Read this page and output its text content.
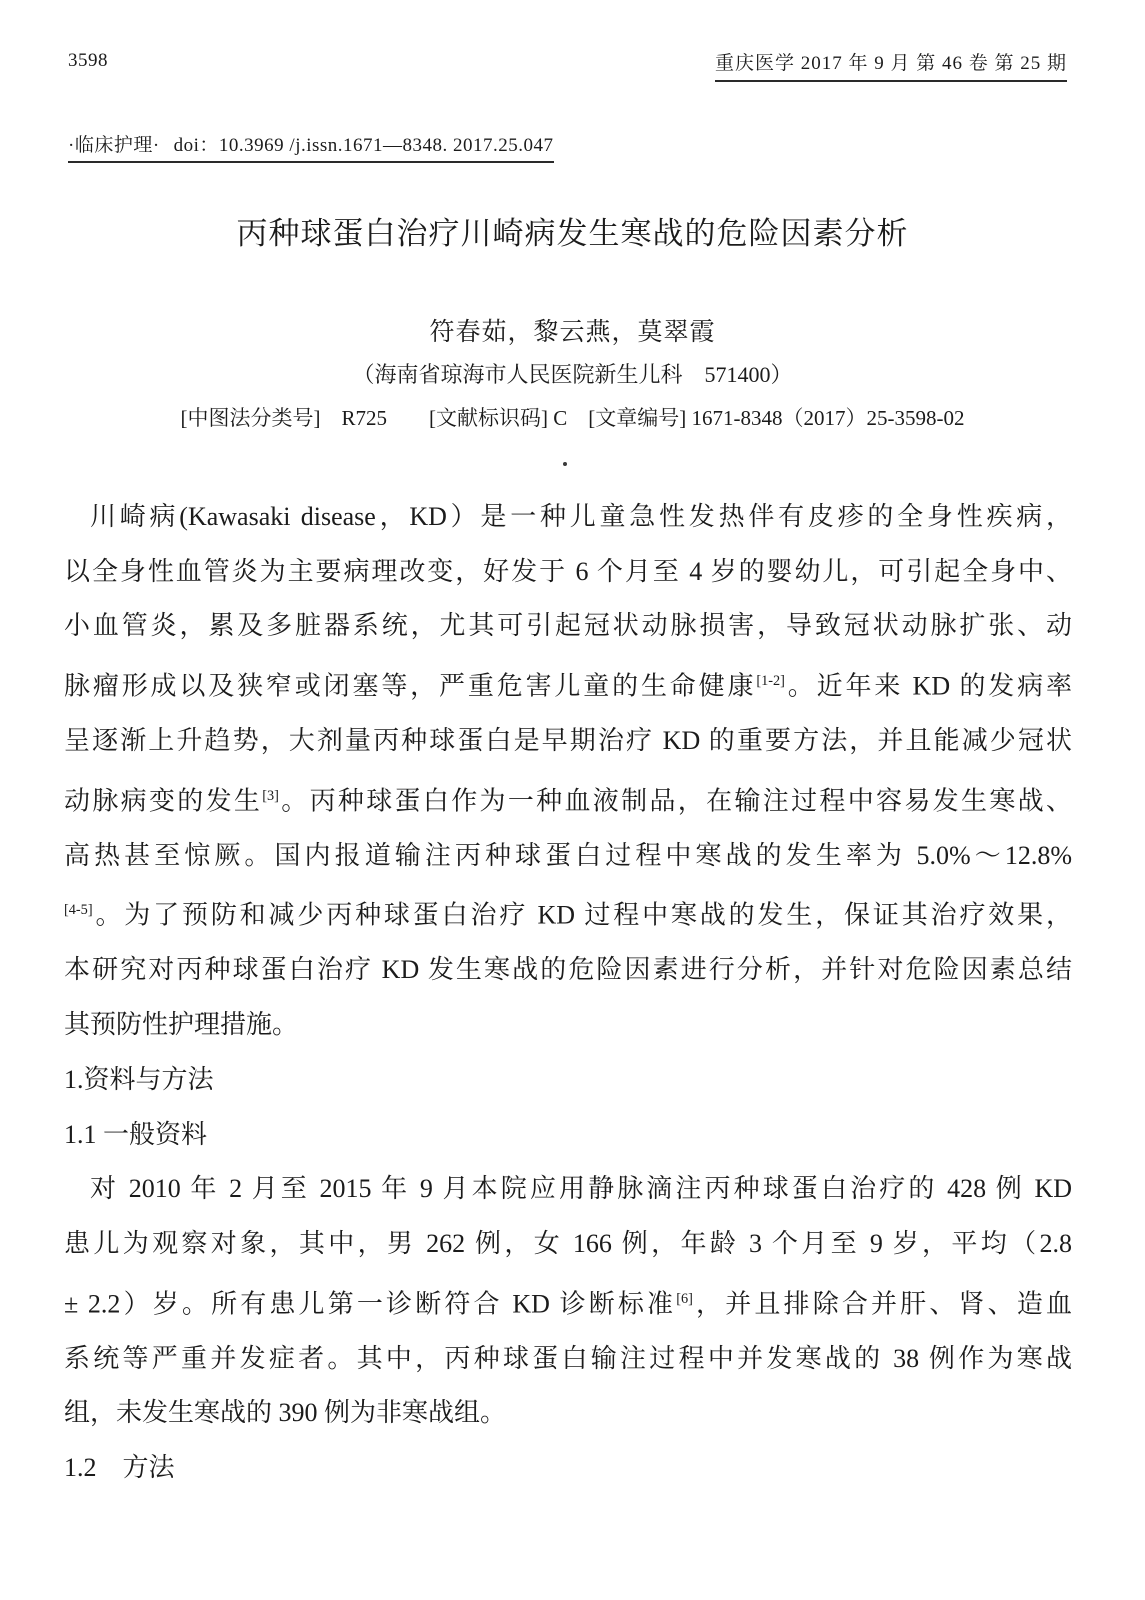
3598	重庆医学 2017 年 9 月 第 46 卷 第 25 期
·临床护理· doi：10.3969 /j.issn.1671—8348. 2017.25.047
丙种球蛋白治疗川崎病发生寒战的危险因素分析
符春茹，黎云燕，莫翠霞
（海南省琼海市人民医院新生儿科　571400）
[中图法分类号]　R725　　[文献标识码] C　[文章编号] 1671-8348（2017）25-3598-02
川崎病(Kawasaki disease，KD）是一种儿童急性发热伴有皮疹的全身性疾病，
以全身性血管炎为主要病理改变，好发于 6 个月至 4 岁的婴幼儿，可引起全身中、
小血管炎，累及多脏器系统，尤其可引起冠状动脉损害，导致冠状动脉扩张、动
脉瘤形成以及狭窄或闭塞等，严重危害儿童的生命健康[1-2]。近年来 KD 的发病率
呈逐渐上升趋势，大剂量丙种球蛋白是早期治疗 KD 的重要方法，并且能减少冠状
动脉病变的发生[3]。丙种球蛋白作为一种血液制品，在输注过程中容易发生寒战、
高热甚至惊厥。国内报道输注丙种球蛋白过程中寒战的发生率为 5.0%～12.8%
[4-5]。为了预防和减少丙种球蛋白治疗 KD 过程中寒战的发生，保证其治疗效果，
本研究对丙种球蛋白治疗 KD 发生寒战的危险因素进行分析，并针对危险因素总结
其预防性护理措施。
1.资料与方法
1.1 一般资料
对 2010 年 2 月至 2015 年 9 月本院应用静脉滴注丙种球蛋白治疗的 428 例 KD
患儿为观察对象，其中，男 262 例，女 166 例，年龄 3 个月至 9 岁，平均（2.8
± 2.2）岁。所有患儿第一诊断符合 KD 诊断标准[6]，并且排除合并肝、肾、造血
系统等严重并发症者。其中，丙种球蛋白输注过程中并发寒战的 38 例作为寒战
组，未发生寒战的 390 例为非寒战组。
1.2　方法
